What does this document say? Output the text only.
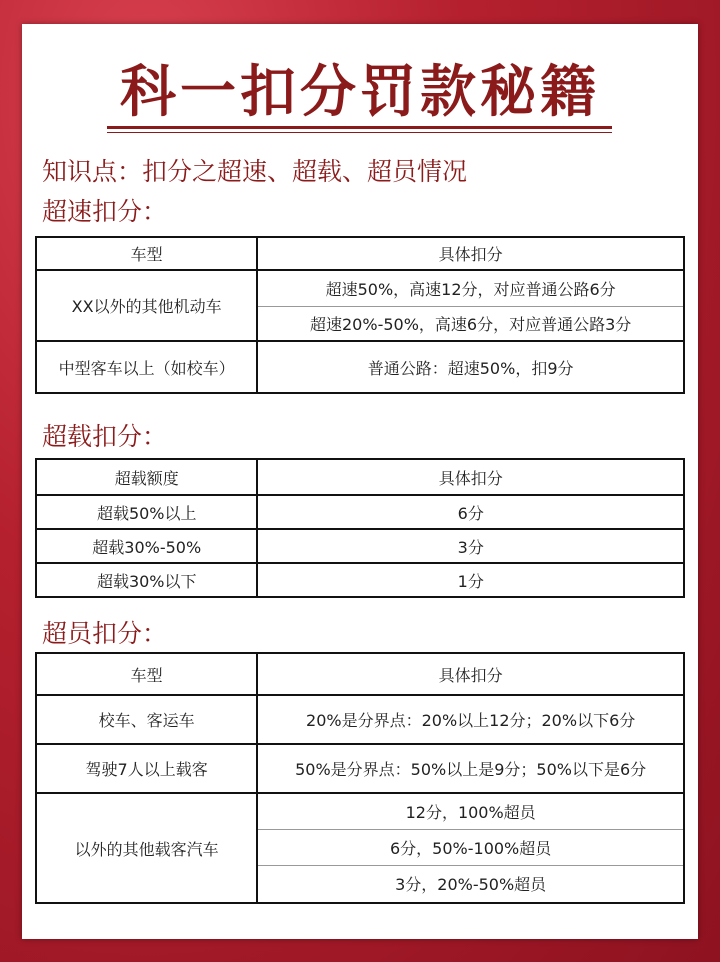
科一扣分罚款秘籍
知识点：扣分之超速、超载、超员情况
超速扣分：
车型	具体扣分
XX以外的其他机动车	超速50%，高速12分，对应普通公路6分
	超速20%-50%，高速6分，对应普通公路3分
中型客车以上（如校车）	普通公路：超速50%，扣9分
超载扣分：
超载额度	具体扣分
超载50%以上	6分
超载30%-50%	3分
超载30%以下	1分
超员扣分：
车型	具体扣分
校车、客运车	20%是分界点：20%以上12分；20%以下6分
驾驶7人以上载客	50%是分界点：50%以上是9分；50%以下是6分
以外的其他载客汽车	12分，100%超员
	6分，50%-100%超员
	3分，20%-50%超员
